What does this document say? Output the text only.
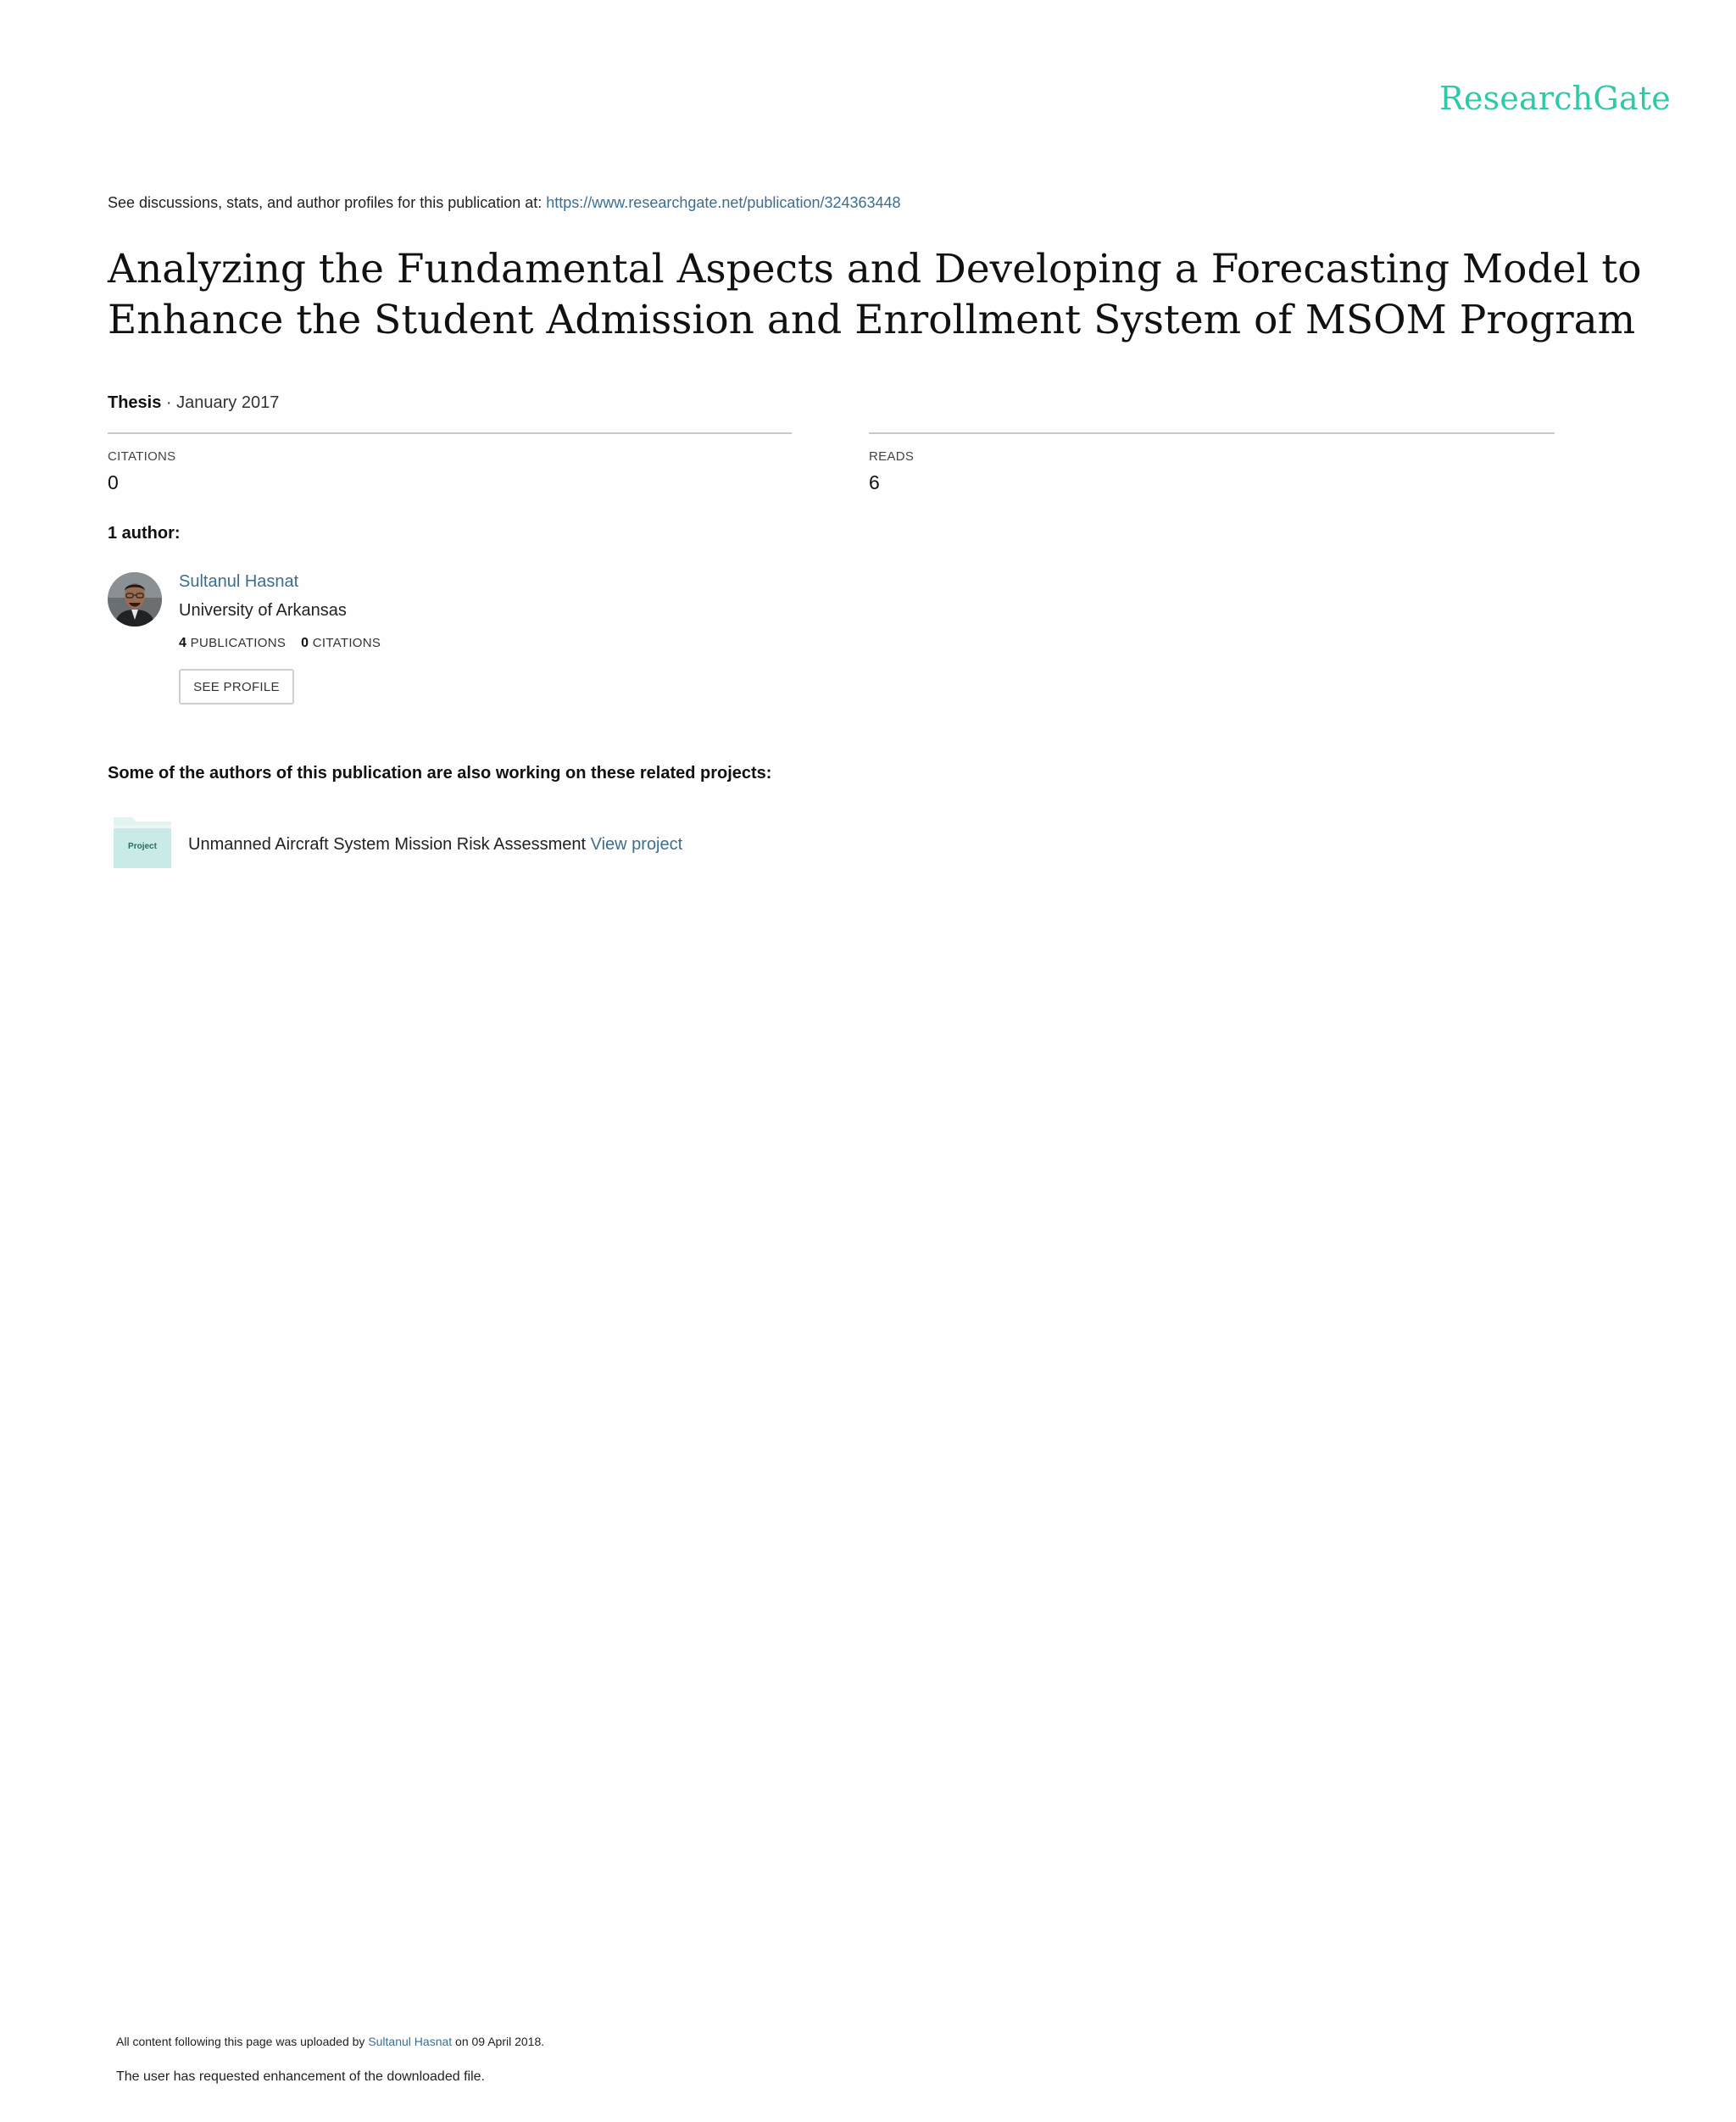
ResearchGate
See discussions, stats, and author profiles for this publication at: https://www.researchgate.net/publication/324363448
Analyzing the Fundamental Aspects and Developing a Forecasting Model to Enhance the Student Admission and Enrollment System of MSOM Program
Thesis · January 2017
CITATIONS
0
READS
6
1 author:
Sultanul Hasnat
University of Arkansas
4 PUBLICATIONS 0 CITATIONS
SEE PROFILE
Some of the authors of this publication are also working on these related projects:
Project	Unmanned Aircraft System Mission Risk Assessment View project
All content following this page was uploaded by Sultanul Hasnat on 09 April 2018.
The user has requested enhancement of the downloaded file.
